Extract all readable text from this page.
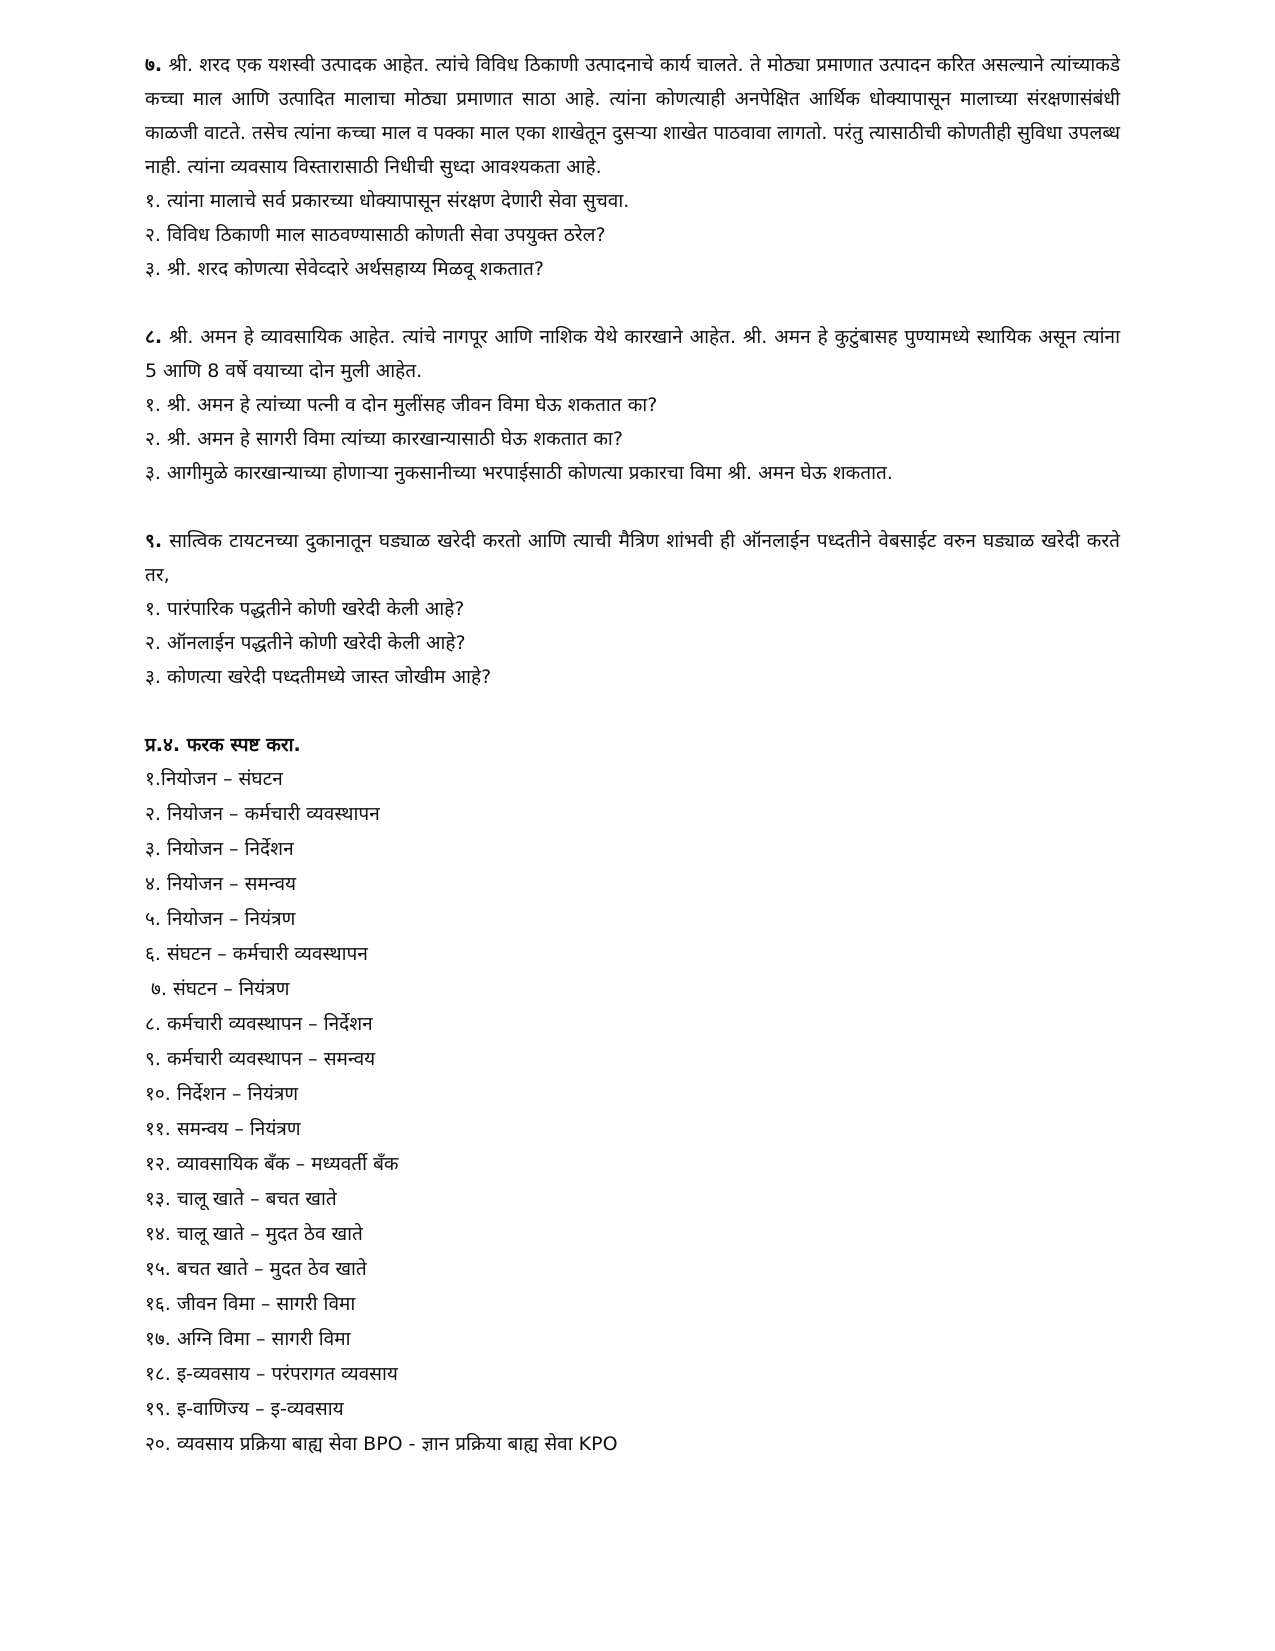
७. श्री. शरद एक यशस्वी उत्पादक आहेत. त्यांचे विविध ठिकाणी उत्पादनाचे कार्य चालते. ते मोठ्या प्रमाणात उत्पादन करित असल्याने त्यांच्याकडे कच्चा माल आणि उत्पादित मालाचा मोठ्या प्रमाणात साठा आहे. त्यांना कोणत्याही अनपेक्षित आर्थिक धोक्यापासून मालाच्या संरक्षणासंबंधी काळजी वाटते. तसेच त्यांना कच्चा माल व पक्का माल एका शाखेतून दुसऱ्या शाखेत पाठवावा लागतो. परंतु त्यासाठीची कोणतीही सुविधा उपलब्ध नाही. त्यांना व्यवसाय विस्तारासाठी निधीची सुध्दा आवश्यकता आहे.

१. त्यांना मालाचे सर्व प्रकारच्या धोक्यापासून संरक्षण देणारी सेवा सुचवा.

२. विविध ठिकाणी माल साठवण्यासाठी कोणती सेवा उपयुक्त ठरेल?

३. श्री. शरद कोणत्या सेवेव्दारे अर्थसहाय्य मिळवू शकतात?

८. श्री. अमन हे व्यावसायिक आहेत. त्यांचे नागपूर आणि नाशिक येथे कारखाने आहेत. श्री. अमन हे कुटुंबासह पुण्यामध्ये स्थायिक असून त्यांना 5 आणि 8 वर्षे वयाच्या दोन मुली आहेत.

१. श्री. अमन हे त्यांच्या पत्नी व दोन मुलींसह जीवन विमा घेऊ शकतात का?

२. श्री. अमन हे सागरी विमा त्यांच्या कारखान्यासाठी घेऊ शकतात का?

३. आगीमुळे कारखान्याच्या होणाऱ्या नुकसानीच्या भरपाईसाठी कोणत्या प्रकारचा विमा श्री. अमन घेऊ शकतात.

९. सात्विक टायटनच्या दुकानातून घड्याळ खरेदी करतो आणि त्याची मैत्रिण शांभवी ही ऑनलाईन पध्दतीने वेबसाईट वरुन घड्याळ खरेदी करते तर,

१. पारंपारिक पद्धतीने कोणी खरेदी केली आहे?

२. ऑनलाईन पद्धतीने कोणी खरेदी केली आहे?

३. कोणत्या खरेदी पध्दतीमध्ये जास्त जोखीम आहे?

प्र.४. फरक स्पष्ट करा.

१.नियोजन – संघटन
२. नियोजन – कर्मचारी व्यवस्थापन
३. नियोजन – निर्देशन
४. नियोजन – समन्वय
५. नियोजन – नियंत्रण
६. संघटन – कर्मचारी व्यवस्थापन
७. संघटन – नियंत्रण
८. कर्मचारी व्यवस्थापन – निर्देशन
९. कर्मचारी व्यवस्थापन – समन्वय
१०. निर्देशन – नियंत्रण
११. समन्वय – नियंत्रण
१२. व्यावसायिक बँक – मध्यवर्ती बँक
१३. चालू खाते – बचत खाते
१४. चालू खाते – मुदत ठेव खाते
१५. बचत खाते – मुदत ठेव खाते
१६. जीवन विमा – सागरी विमा
१७. अग्नि विमा – सागरी विमा
१८. इ-व्यवसाय – परंपरागत व्यवसाय
१९. इ-वाणिज्य – इ-व्यवसाय
२०. व्यवसाय प्रक्रिया बाह्य सेवा BPO - ज्ञान प्रक्रिया बाह्य सेवा KPO
